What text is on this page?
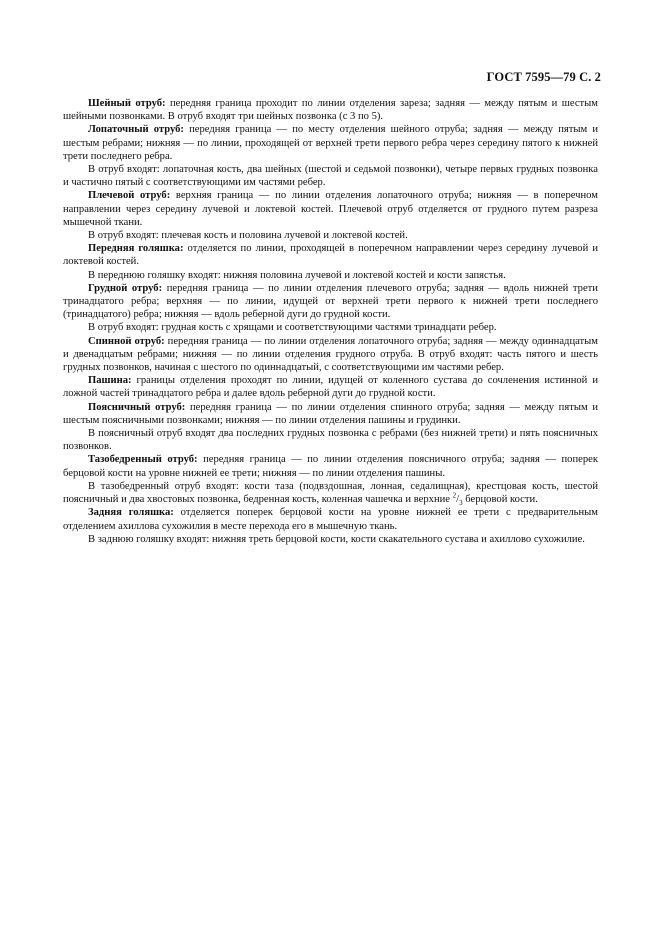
ГОСТ 7595—79 С. 2

Шейный отруб: передняя граница проходит по линии отделения зареза; задняя — между пятым и шестым шейными позвонками. В отруб входят три шейных позвонка (с 3 по 5).

Лопаточный отруб: передняя граница — по месту отделения шейного отруба; задняя — между пятым и шестым ребрами; нижняя — по линии, проходящей от верхней трети первого ребра через середину пятого к нижней трети последнего ребра.

В отруб входят: лопаточная кость, два шейных (шестой и седьмой позвонки), четыре первых грудных позвонка и частично пятый с соответствующими им частями ребер.

Плечевой отруб: верхняя граница — по линии отделения лопаточного отруба; нижняя — в поперечном направлении через середину лучевой и локтевой костей. Плечевой отруб отделяется от грудного путем разреза мышечной ткани.

В отруб входят: плечевая кость и половина лучевой и локтевой костей.

Передняя голяшка: отделяется по линии, проходящей в поперечном направлении через середину лучевой и локтевой костей.

В переднюю голяшку входят: нижняя половина лучевой и локтевой костей и кости запястья.

Грудной отруб: передняя граница — по линии отделения плечевого отруба; задняя — вдоль нижней трети тринадцатого ребра; верхняя — по линии, идущей от верхней трети первого к нижней трети последнего (тринадцатого) ребра; нижняя — вдоль реберной дуги до грудной кости.

В отруб входят: грудная кость с хрящами и соответствующими частями тринадцати ребер.

Спинной отруб: передняя граница — по линии отделения лопаточного отруба; задняя — между одиннадцатым и двенадцатым ребрами; нижняя — по линии отделения грудного отруба. В отруб входят: часть пятого и шесть грудных позвонков, начиная с шестого по одиннадцатый, с соответствующими им частями ребер.

Пашина: границы отделения проходят по линии, идущей от коленного сустава до сочленения истинной и ложной частей тринадцатого ребра и далее вдоль реберной дуги до грудной кости.

Поясничный отруб: передняя граница — по линии отделения спинного отруба; задняя — между пятым и шестым поясничными позвонками; нижняя — по линии отделения пашины и грудинки.

В поясничный отруб входят два последних грудных позвонка с ребрами (без нижней трети) и пять поясничных позвонков.

Тазобедренный отруб: передняя граница — по линии отделения поясничного отруба; задняя — поперек берцовой кости на уровне нижней ее трети; нижняя — по линии отделения пашины.

В тазобедренный отруб входят: кости таза (подвздошная, лонная, седалищная), крестцовая кость, шестой поясничный и два хвостовых позвонка, бедренная кость, коленная чашечка и верхние $^2/_3$ берцовой кости.

Задняя голяшка: отделяется поперек берцовой кости на уровне нижней ее трети с предварительным отделением ахиллова сухожилия в месте перехода его в мышечную ткань.

В заднюю голяшку входят: нижняя треть берцовой кости, кости скакательного сустава и ахиллово сухожилие.
